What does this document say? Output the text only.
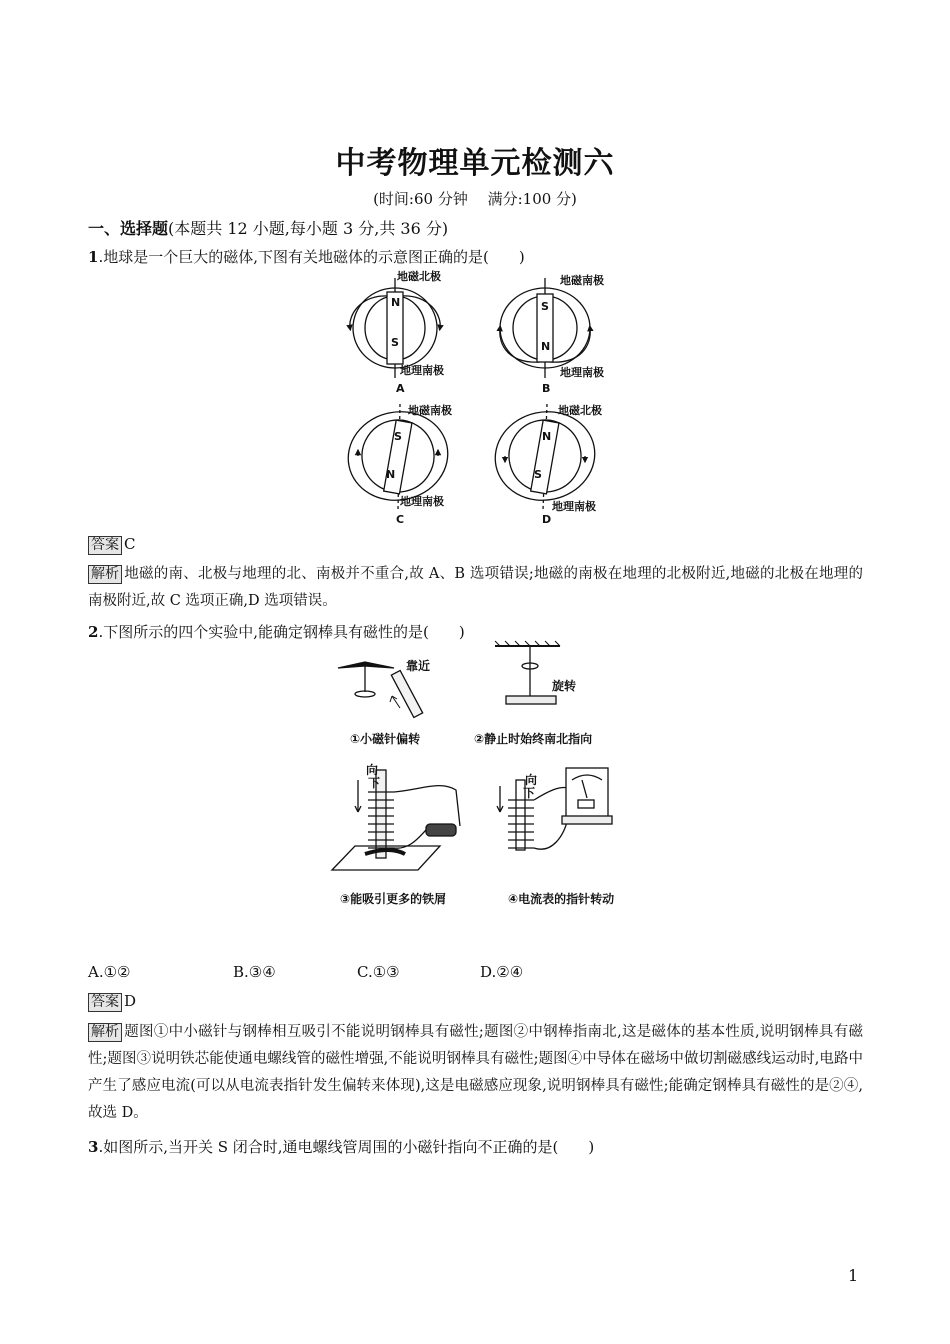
中考物理单元检测六
(时间:60 分钟　 满分:100 分)
一、选择题(本题共 12 小题,每小题 3 分,共 36 分)
1.地球是一个巨大的磁体,下图有关地磁体的示意图正确的是(　　)
地磁北极
N
S
地理南极
A
地磁南极
S
N
地理南极
B
地磁南极
S
N
地理南极
C
地磁北极
N
S
地理南极
D
答案 C
解析 地磁的南、北极与地理的北、南极并不重合,故 A、B 选项错误;地磁的南极在地理的北极附近,地磁的北极在地理的南极附近,故 C 选项正确,D 选项错误。
2.下图所示的四个实验中,能确定钢棒具有磁性的是(　　)
靠近
旋转
向
下	向
下
①小磁针偏转	②静止时始终南北指向
③能吸引更多的铁屑	④电流表的指针转动
A.①②	B.③④	C.①③	D.②④
答案 D
解析 题图①中小磁针与钢棒相互吸引不能说明钢棒具有磁性;题图②中钢棒指南北,这是磁体的基本性质,说明钢棒具有磁性;题图③说明铁芯能使通电螺线管的磁性增强,不能说明钢棒具有磁性;题图④中导体在磁场中做切割磁感线运动时,电路中产生了感应电流(可以从电流表指针发生偏转来体现),这是电磁感应现象,说明钢棒具有磁性;能确定钢棒具有磁性的是②④,故选 D。
3.如图所示,当开关 S 闭合时,通电螺线管周围的小磁针指向不正确的是(　　)
1
